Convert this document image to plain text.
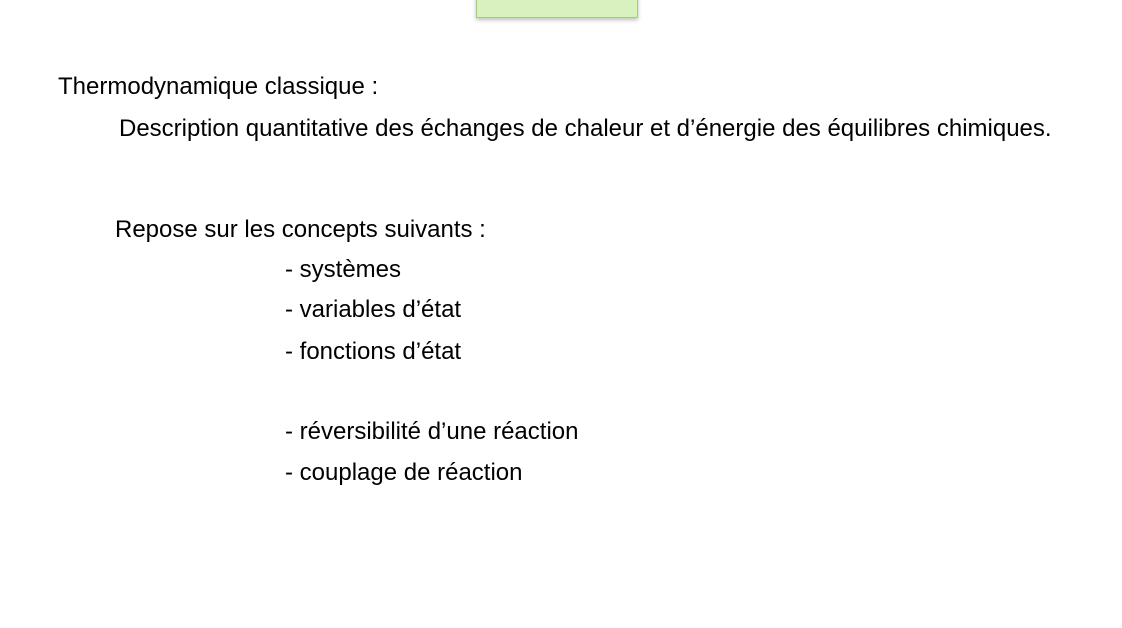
Thermodynamique classique :
Description quantitative des échanges de chaleur et d’énergie des équilibres chimiques.
Repose sur les concepts suivants :
- systèmes
- variables d’état
- fonctions d’état
- réversibilité d’une réaction
- couplage de réaction
